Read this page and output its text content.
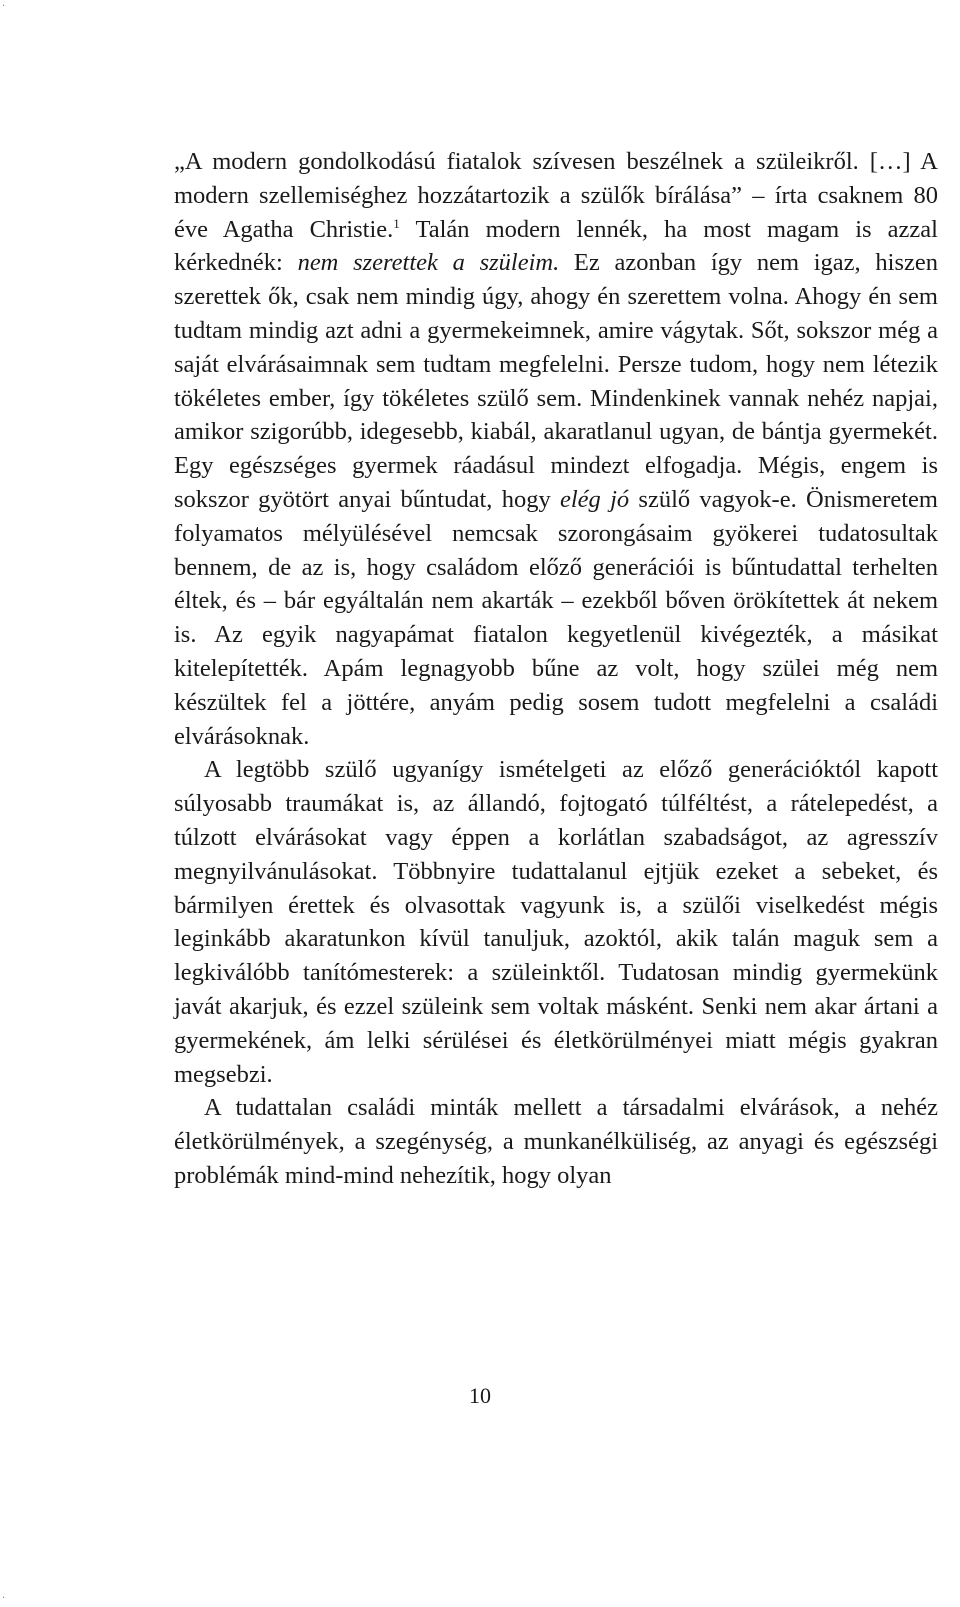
.
.

„A modern gondolkodású fiatalok szívesen beszélnek a szüleikről. […] A modern szellemiséghez hozzátartozik a szülők bírálása” – írta csaknem 80 éve Agatha Christie.$^1$ Talán modern lennék, ha most magam is azzal kérkednék: nem szerettek a szüleim. Ez azonban így nem igaz, hiszen szerettek ők, csak nem mindig úgy, ahogy én szerettem volna. Ahogy én sem tudtam mindig azt adni a gyermekeimnek, amire vágytak. Sőt, sokszor még a saját elvárásaimnak sem tudtam megfelelni. Persze tudom, hogy nem létezik tökéletes ember, így tökéletes szülő sem. Mindenkinek vannak nehéz napjai, amikor szigorúbb, idegesebb, kiabál, akaratlanul ugyan, de bántja gyermekét. Egy egészséges gyermek ráadásul mindezt elfogadja. Mégis, engem is sokszor gyötört anyai bűntudat, hogy elég jó szülő vagyok-e. Önismeretem folyamatos mélyülésével nemcsak szorongásaim gyökerei tudatosultak bennem, de az is, hogy családom előző generációi is bűntudattal terhelten éltek, és – bár egyáltalán nem akarták – ezekből bőven örökítettek át nekem is. Az egyik nagyapámat fiatalon kegyetlenül kivégezték, a másikat kitelepítették. Apám legnagyobb bűne az volt, hogy szülei még nem készültek fel a jöttére, anyám pedig sosem tudott megfelelni a családi elvárásoknak.

A legtöbb szülő ugyanígy ismételgeti az előző generációktól kapott súlyosabb traumákat is, az állandó, fojtogató túlféltést, a rátelepedést, a túlzott elvárásokat vagy éppen a korlátlan szabadságot, az agresszív megnyilvánulásokat. Többnyire tudattalanul ejtjük ezeket a sebeket, és bármilyen érettek és olvasottak vagyunk is, a szülői viselkedést mégis leginkább akaratunkon kívül tanuljuk, azoktól, akik talán maguk sem a legkiválóbb tanítómesterek: a szüleinktől. Tudatosan mindig gyermekünk javát akarjuk, és ezzel szüleink sem voltak másként. Senki nem akar ártani a gyermekének, ám lelki sérülései és életkörülményei miatt mégis gyakran megsebzi.

A tudattalan családi minták mellett a társadalmi elvárások, a nehéz életkörülmények, a szegénység, a munkanélküliség, az anyagi és egészségi problémák mind-mind nehezítik, hogy olyan

10
